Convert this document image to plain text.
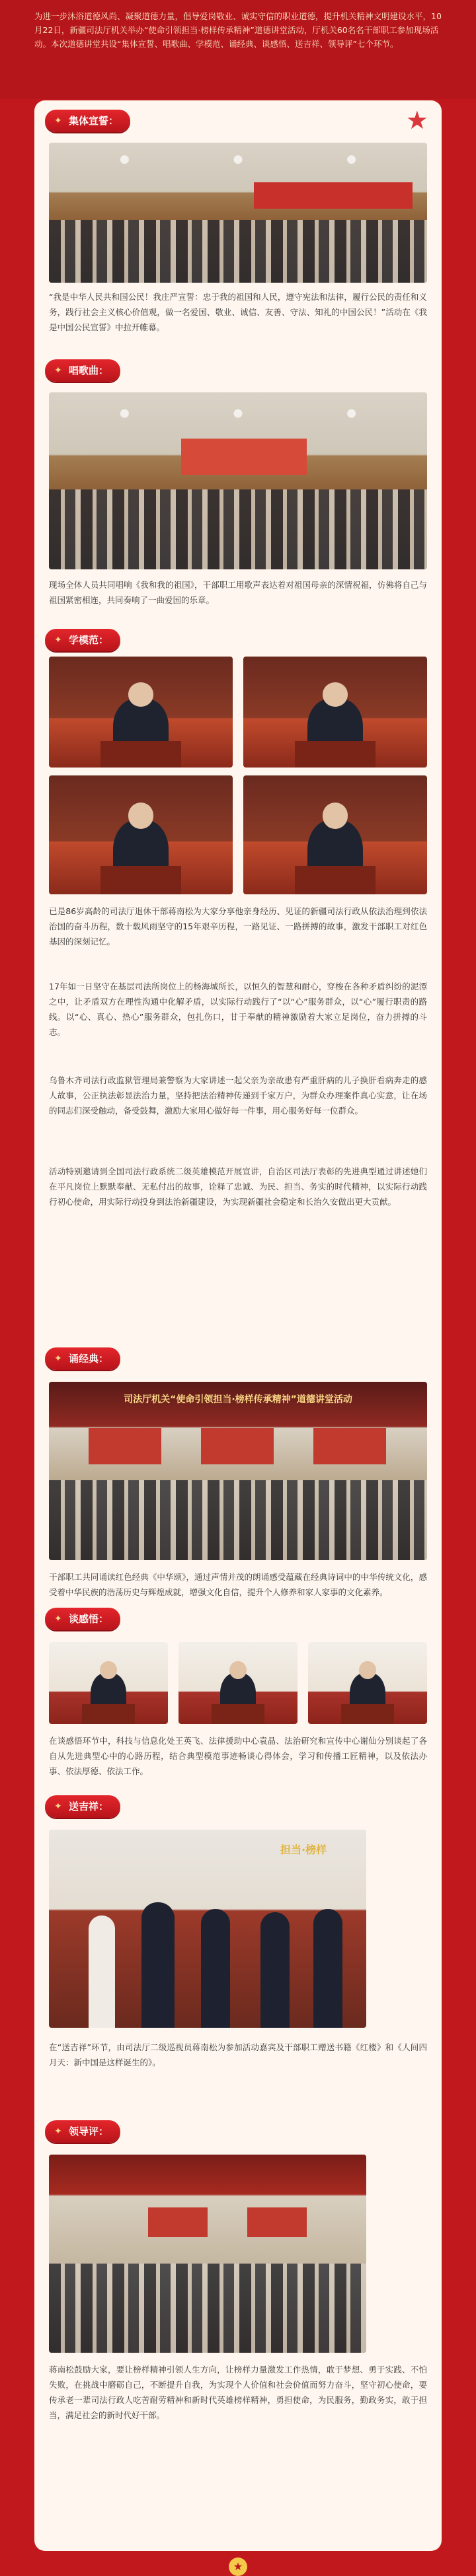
为进一步沐浴道德风尚、凝聚道德力量，倡导爱岗敬业、诚实守信的职业道德，提升机关精神文明建设水平，10月22日，新疆司法厅机关举办“使命引领担当·榜样传承精神”道德讲堂活动，厅机关60名名干部职工参加现场活动。本次道德讲堂共设“集体宣誓、唱歌曲、学模范、诵经典、谈感悟、送吉祥、领导评”七个环节。
★
✦ 集体宣誓：
“我是中华人民共和国公民！我庄严宣誓：忠于我的祖国和人民，遵守宪法和法律，履行公民的责任和义务，践行社会主义核心价值观，做一名爱国、敬业、诚信、友善、守法、知礼的中国公民！”活动在《我是中国公民宣誓》中拉开帷幕。
✦ 唱歌曲：
现场全体人员共同唱响《我和我的祖国》，干部职工用歌声表达着对祖国母亲的深情祝福，仿佛将自己与祖国紧密相连，共同奏响了一曲爱国的乐章。
✦ 学模范：
已是86岁高龄的司法厅退休干部蒋南松为大家分享他亲身经历、见证的新疆司法行政从依法治理到依法治国的奋斗历程，数十载风雨坚守的15年艰辛历程，一路见证、一路拼搏的故事，激发干部职工对红色基因的深刻记忆。
17年如一日坚守在基层司法所岗位上的杨海城所长，以恒久的智慧和耐心，穿梭在各种矛盾纠纷的泥潭之中，让矛盾双方在理性沟通中化解矛盾，以实际行动践行了“以“心”服务群众，以“心”履行职责的路线。以“心、真心、热心”服务群众，包扎伤口，甘于奉献的精神激励着大家立足岗位，奋力拼搏的斗志。
乌鲁木齐司法行政监狱管理局兼警察为大家讲述一起父亲为亲故患有严重肝病的儿子换肝看病奔走的感人故事，公正执法彰显法治力量，坚持把法治精神传递到千家万户，为群众办理案件真心实意，让在场的同志们深受触动，备受鼓舞，激励大家用心做好每一件事，用心服务好每一位群众。
活动特别邀请到全国司法行政系统二级英雄模范开展宣讲，自治区司法厅表彰的先进典型通过讲述她们在平凡岗位上默默奉献、无私付出的故事，诠释了忠诚、为民、担当、务实的时代精神，以实际行动践行初心使命，用实际行动投身到法治新疆建设，为实现新疆社会稳定和长治久安做出更大贡献。
✦ 诵经典：
司法厅机关“使命引领担当·榜样传承精神”道德讲堂活动
干部职工共同诵读红色经典《中华颂》，通过声情并茂的朗诵感受蕴藏在经典诗词中的中华传统文化，感受着中华民族的浩荡历史与辉煌成就，增强文化自信，提升个人修养和家人家事的文化素养。
✦ 谈感悟：
在谈感悟环节中，科技与信息化处王英飞、法律援助中心袁晶、法治研究和宣传中心谢仙分别谈起了各自从先进典型心中的心路历程，结合典型模范事迹畅谈心得体会，学习和传播工匠精神，以及依法办事、依法厚德、依法工作。
✦ 送吉祥：
担当·榜样
在“送吉祥”环节，由司法厅二级巡视员蒋南松为参加活动嘉宾及干部职工赠送书籍《红楼》和《人间四月天：新中国是这样诞生的》。
✦ 领导评：
蒋南松鼓励大家，要让榜样精神引领人生方向，让榜样力量激发工作热情，敢于梦想、勇于实践、不怕失败，在挑战中磨砺自己，不断提升自我，为实现个人价值和社会价值而努力奋斗，坚守初心使命，要传承老一辈司法行政人吃苦耐劳精神和新时代英雄榜样精神，勇担使命，为民服务，勤政务实，敢于担当，满足社会的新时代好干部。
★
